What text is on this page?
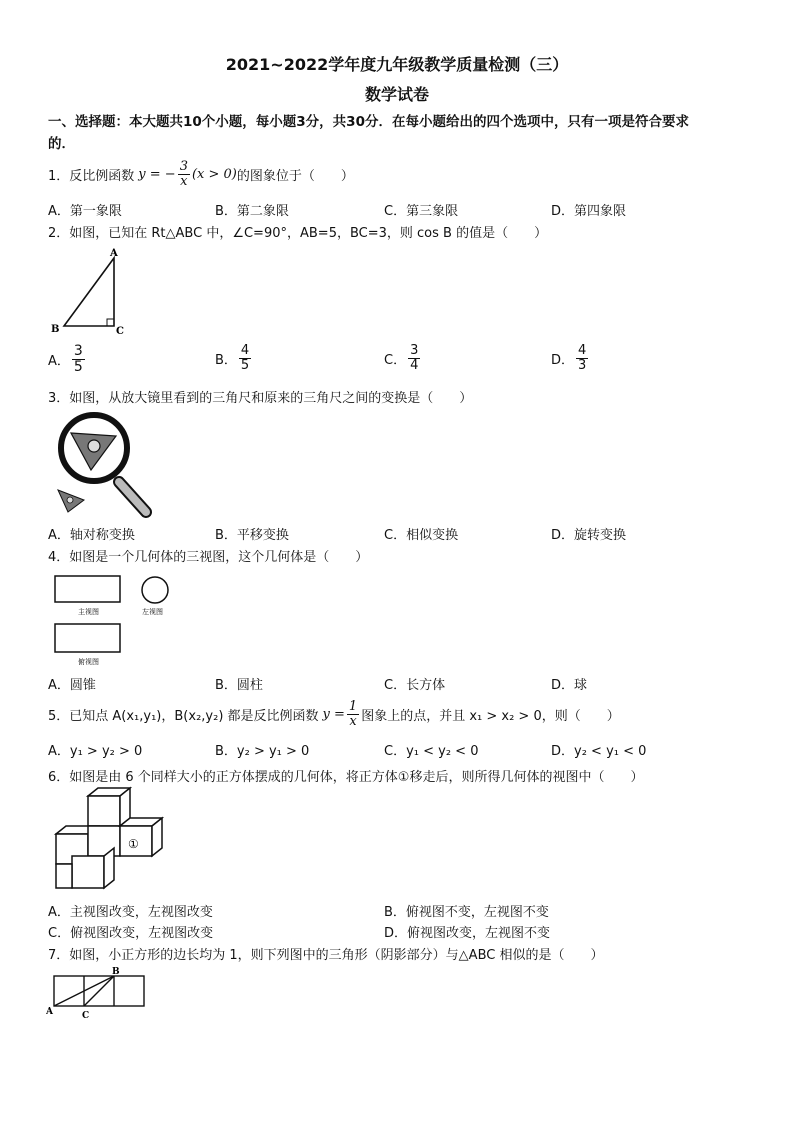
2021~2022学年度九年级教学质量检测（三）
数学试卷
一、选择题：本大题共10个小题，每小题3分，共30分．在每小题给出的四个选项中，只有一项是符合要求
的．
1．反比例函数 y = − $\frac{3}{x} (x > 0)$ 的图象位于（　　）
A．第一象限	B．第二象限	C．第三象限	D．第四象限
2．如图，已知在 Rt△ABC 中，∠C=90°，AB=5，BC=3，则 cos B 的值是（　　）
A
B	C
A． $\frac{3}{5}$	B． $\frac{4}{5}$	C． $\frac{3}{4}$	D． $\frac{4}{3}$
3．如图，从放大镜里看到的三角尺和原来的三角尺之间的变换是（　　）
A．轴对称变换	B．平移变换	C．相似变换	D．旋转变换
4．如图是一个几何体的三视图，这个几何体是（　　）
主视图	左视图
俯视图
A．圆锥	B．圆柱	C．长方体	D．球
5．已知点 A(x₁,y₁)，B(x₂,y₂) 都是反比例函数 $y = \frac{1}{x}$ 图象上的点，并且 x₁ > x₂ > 0，则（　　）
A．y₁ > y₂ > 0	B．y₂ > y₁ > 0	C．y₁ < y₂ < 0	D．y₂ < y₁ < 0
6．如图是由 6 个同样大小的正方体摆成的几何体，将正方体①移走后，则所得几何体的视图中（　　）
①
A．主视图改变，左视图改变	B．俯视图不变，左视图不变
C．俯视图改变，左视图改变	D．俯视图改变，左视图不变
7．如图，小正方形的边长均为 1，则下列图中的三角形（阴影部分）与△ABC 相似的是（　　）
B
A	C
